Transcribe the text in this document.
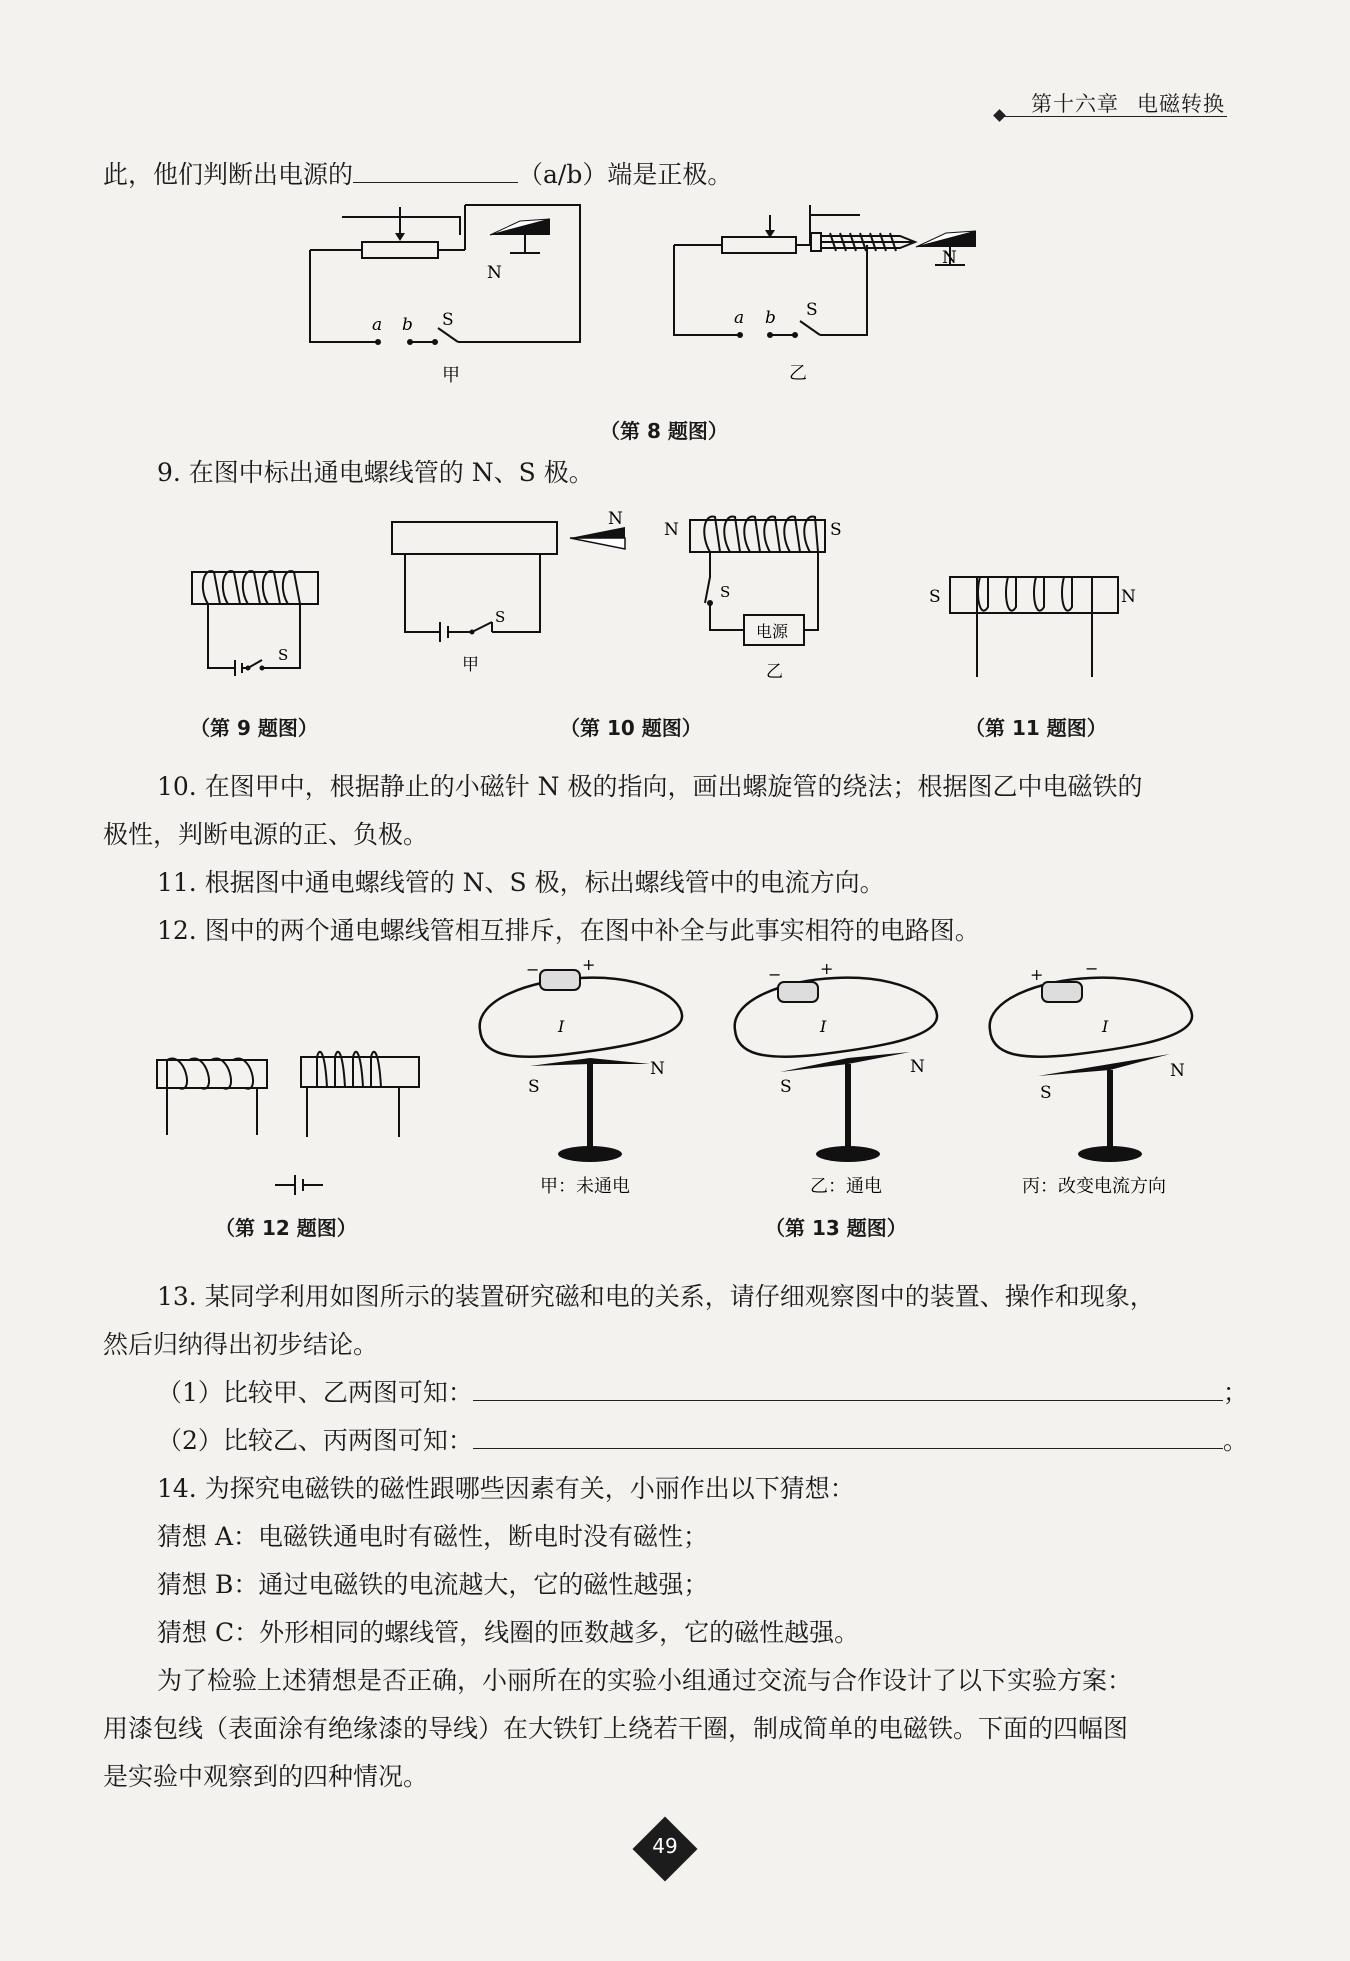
第十六章 电磁转换
此，他们判断出电源的	（a/b）端是正极。
a b S
N
甲
a b S
N
乙
（第 8 题图）
9. 在图中标出通电螺线管的 N、S 极。
S
（第 9 题图）
N
S
甲
N	S
S
电源
乙
（第 10 题图）
S	N
（第 11 题图）
10. 在图甲中，根据静止的小磁针 N 极的指向，画出螺旋管的绕法；根据图乙中电磁铁的
极性，判断电源的正、负极。
11. 根据图中通电螺线管的 N、S 极，标出螺线管中的电流方向。
12. 图中的两个通电螺线管相互排斥，在图中补全与此事实相符的电路图。
（第 12 题图）
−	+
I
S
N
甲：未通电
− +
I
S
N
乙：通电
+	−
I
S
N
丙：改变电流方向
（第 13 题图）
13. 某同学利用如图所示的装置研究磁和电的关系，请仔细观察图中的装置、操作和现象，
然后归纳得出初步结论。
（1）比较甲、乙两图可知：	；
（2）比较乙、丙两图可知：	。
14. 为探究电磁铁的磁性跟哪些因素有关，小丽作出以下猜想：
猜想 A：电磁铁通电时有磁性，断电时没有磁性；
猜想 B：通过电磁铁的电流越大，它的磁性越强；
猜想 C：外形相同的螺线管，线圈的匝数越多，它的磁性越强。
为了检验上述猜想是否正确，小丽所在的实验小组通过交流与合作设计了以下实验方案：
用漆包线（表面涂有绝缘漆的导线）在大铁钉上绕若干圈，制成简单的电磁铁。下面的四幅图
是实验中观察到的四种情况。
49
